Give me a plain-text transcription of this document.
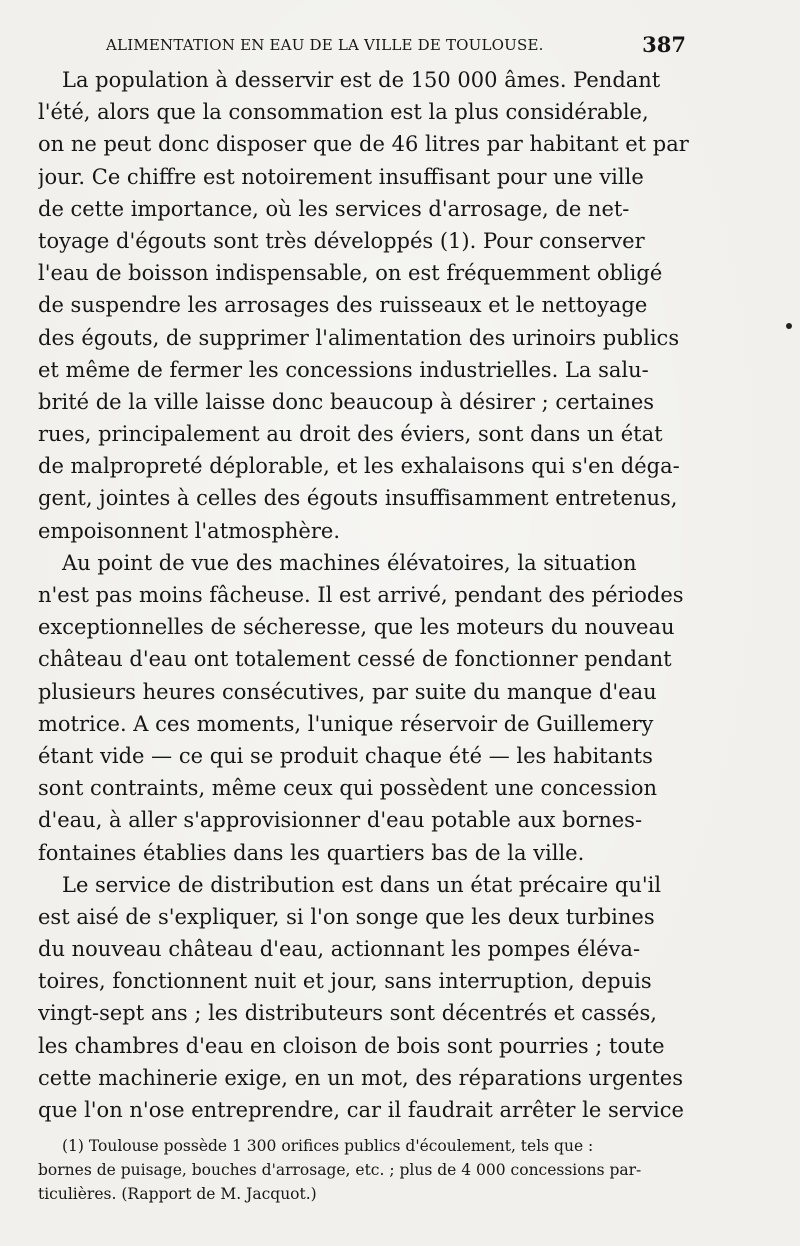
ALIMENTATION EN EAU DE LA VILLE DE TOULOUSE.	387
La population à desservir est de 150 000 âmes. Pendant
l'été, alors que la consommation est la plus considérable,
on ne peut donc disposer que de 46 litres par habitant et par
jour. Ce chiffre est notoirement insuffisant pour une ville
de cette importance, où les services d'arrosage, de net-
toyage d'égouts sont très développés (1). Pour conserver
l'eau de boisson indispensable, on est fréquemment obligé
de suspendre les arrosages des ruisseaux et le nettoyage
des égouts, de supprimer l'alimentation des urinoirs publics
et même de fermer les concessions industrielles. La salu-
brité de la ville laisse donc beaucoup à désirer ; certaines
rues, principalement au droit des éviers, sont dans un état
de malpropreté déplorable, et les exhalaisons qui s'en déga-
gent, jointes à celles des égouts insuffisamment entretenus,
empoisonnent l'atmosphère.
Au point de vue des machines élévatoires, la situation
n'est pas moins fâcheuse. Il est arrivé, pendant des périodes
exceptionnelles de sécheresse, que les moteurs du nouveau
château d'eau ont totalement cessé de fonctionner pendant
plusieurs heures consécutives, par suite du manque d'eau
motrice. A ces moments, l'unique réservoir de Guillemery
étant vide — ce qui se produit chaque été — les habitants
sont contraints, même ceux qui possèdent une concession
d'eau, à aller s'approvisionner d'eau potable aux bornes-
fontaines établies dans les quartiers bas de la ville.
Le service de distribution est dans un état précaire qu'il
est aisé de s'expliquer, si l'on songe que les deux turbines
du nouveau château d'eau, actionnant les pompes éléva-
toires, fonctionnent nuit et jour, sans interruption, depuis
vingt-sept ans ; les distributeurs sont décentrés et cassés,
les chambres d'eau en cloison de bois sont pourries ; toute
cette machinerie exige, en un mot, des réparations urgentes
que l'on n'ose entreprendre, car il faudrait arrêter le service
(1) Toulouse possède 1 300 orifices publics d'écoulement, tels que :
bornes de puisage, bouches d'arrosage, etc. ; plus de 4 000 concessions par-
ticulières. (Rapport de M. Jacquot.)
